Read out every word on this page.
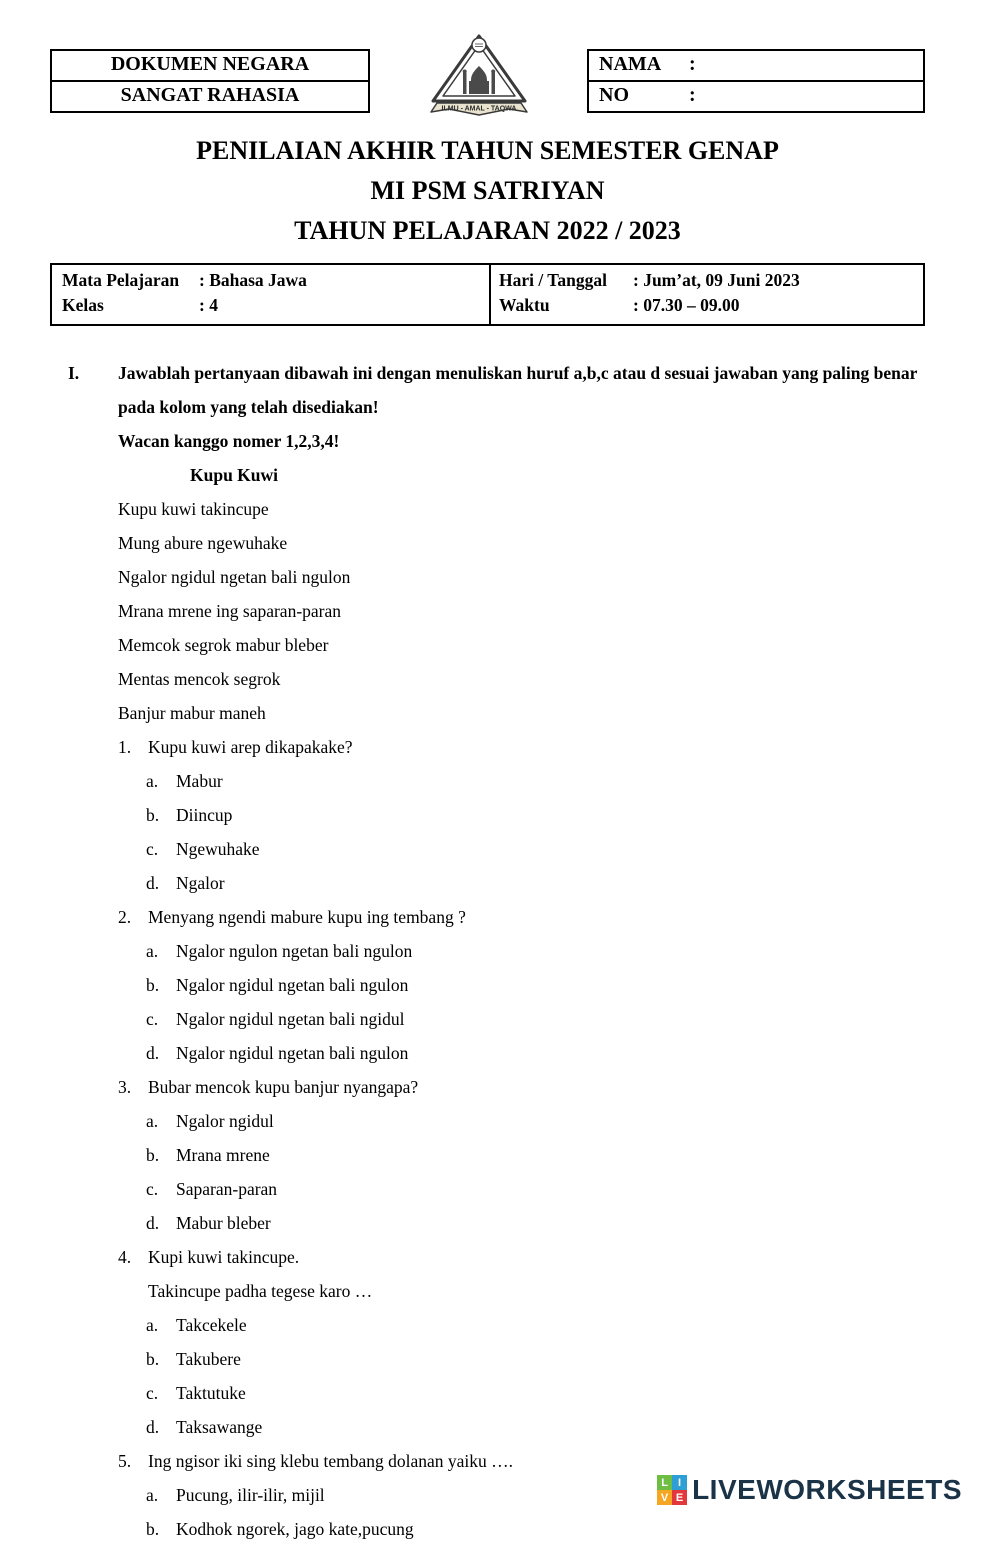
DOKUMEN NEGARA
SANGAT RAHASIA
ILMU - AMAL - TAQWA
NAMA	:
NO	:
PENILAIAN AKHIR TAHUN SEMESTER GENAP
MI PSM SATRIYAN
TAHUN PELAJARAN 2022 / 2023
Mata Pelajaran	: Bahasa Jawa
Kelas	: 4
Hari / Tanggal	: Jum’at, 09 Juni 2023
Waktu	: 07.30 – 09.00
I.	Jawablah pertanyaan dibawah ini dengan menuliskan huruf a,b,c atau d sesuai jawaban yang paling benar pada kolom yang telah disediakan!
Wacan kanggo nomer 1,2,3,4!
Kupu Kuwi
Kupu kuwi takincupe
Mung abure ngewuhake
Ngalor ngidul ngetan bali ngulon
Mrana mrene ing saparan-paran
Memcok segrok mabur bleber
Mentas mencok segrok
Banjur mabur maneh
1. Kupu kuwi arep dikapakake?
a.	Mabur
b. Diincup
c.	Ngewuhake
d. Ngalor
2. Menyang ngendi mabure kupu ing tembang ?
a.	Ngalor ngulon ngetan bali ngulon
b. Ngalor ngidul ngetan bali ngulon
c.	Ngalor ngidul ngetan bali ngidul
d. Ngalor ngidul ngetan bali ngulon
3. Bubar mencok kupu banjur nyangapa?
a.	Ngalor ngidul
b. Mrana mrene
c.	Saparan-paran
d. Mabur bleber
4. Kupi kuwi takincupe.
Takincupe padha tegese karo …
a.	Takcekele
b. Takubere
c.	Taktutuke
d. Taksawange
5. Ing ngisor iki sing klebu tembang dolanan yaiku ….
a.	Pucung, ilir-ilir, mijil
b. Kodhok ngorek, jago kate,pucung
L I
V E LIVEWORKSHEETS
